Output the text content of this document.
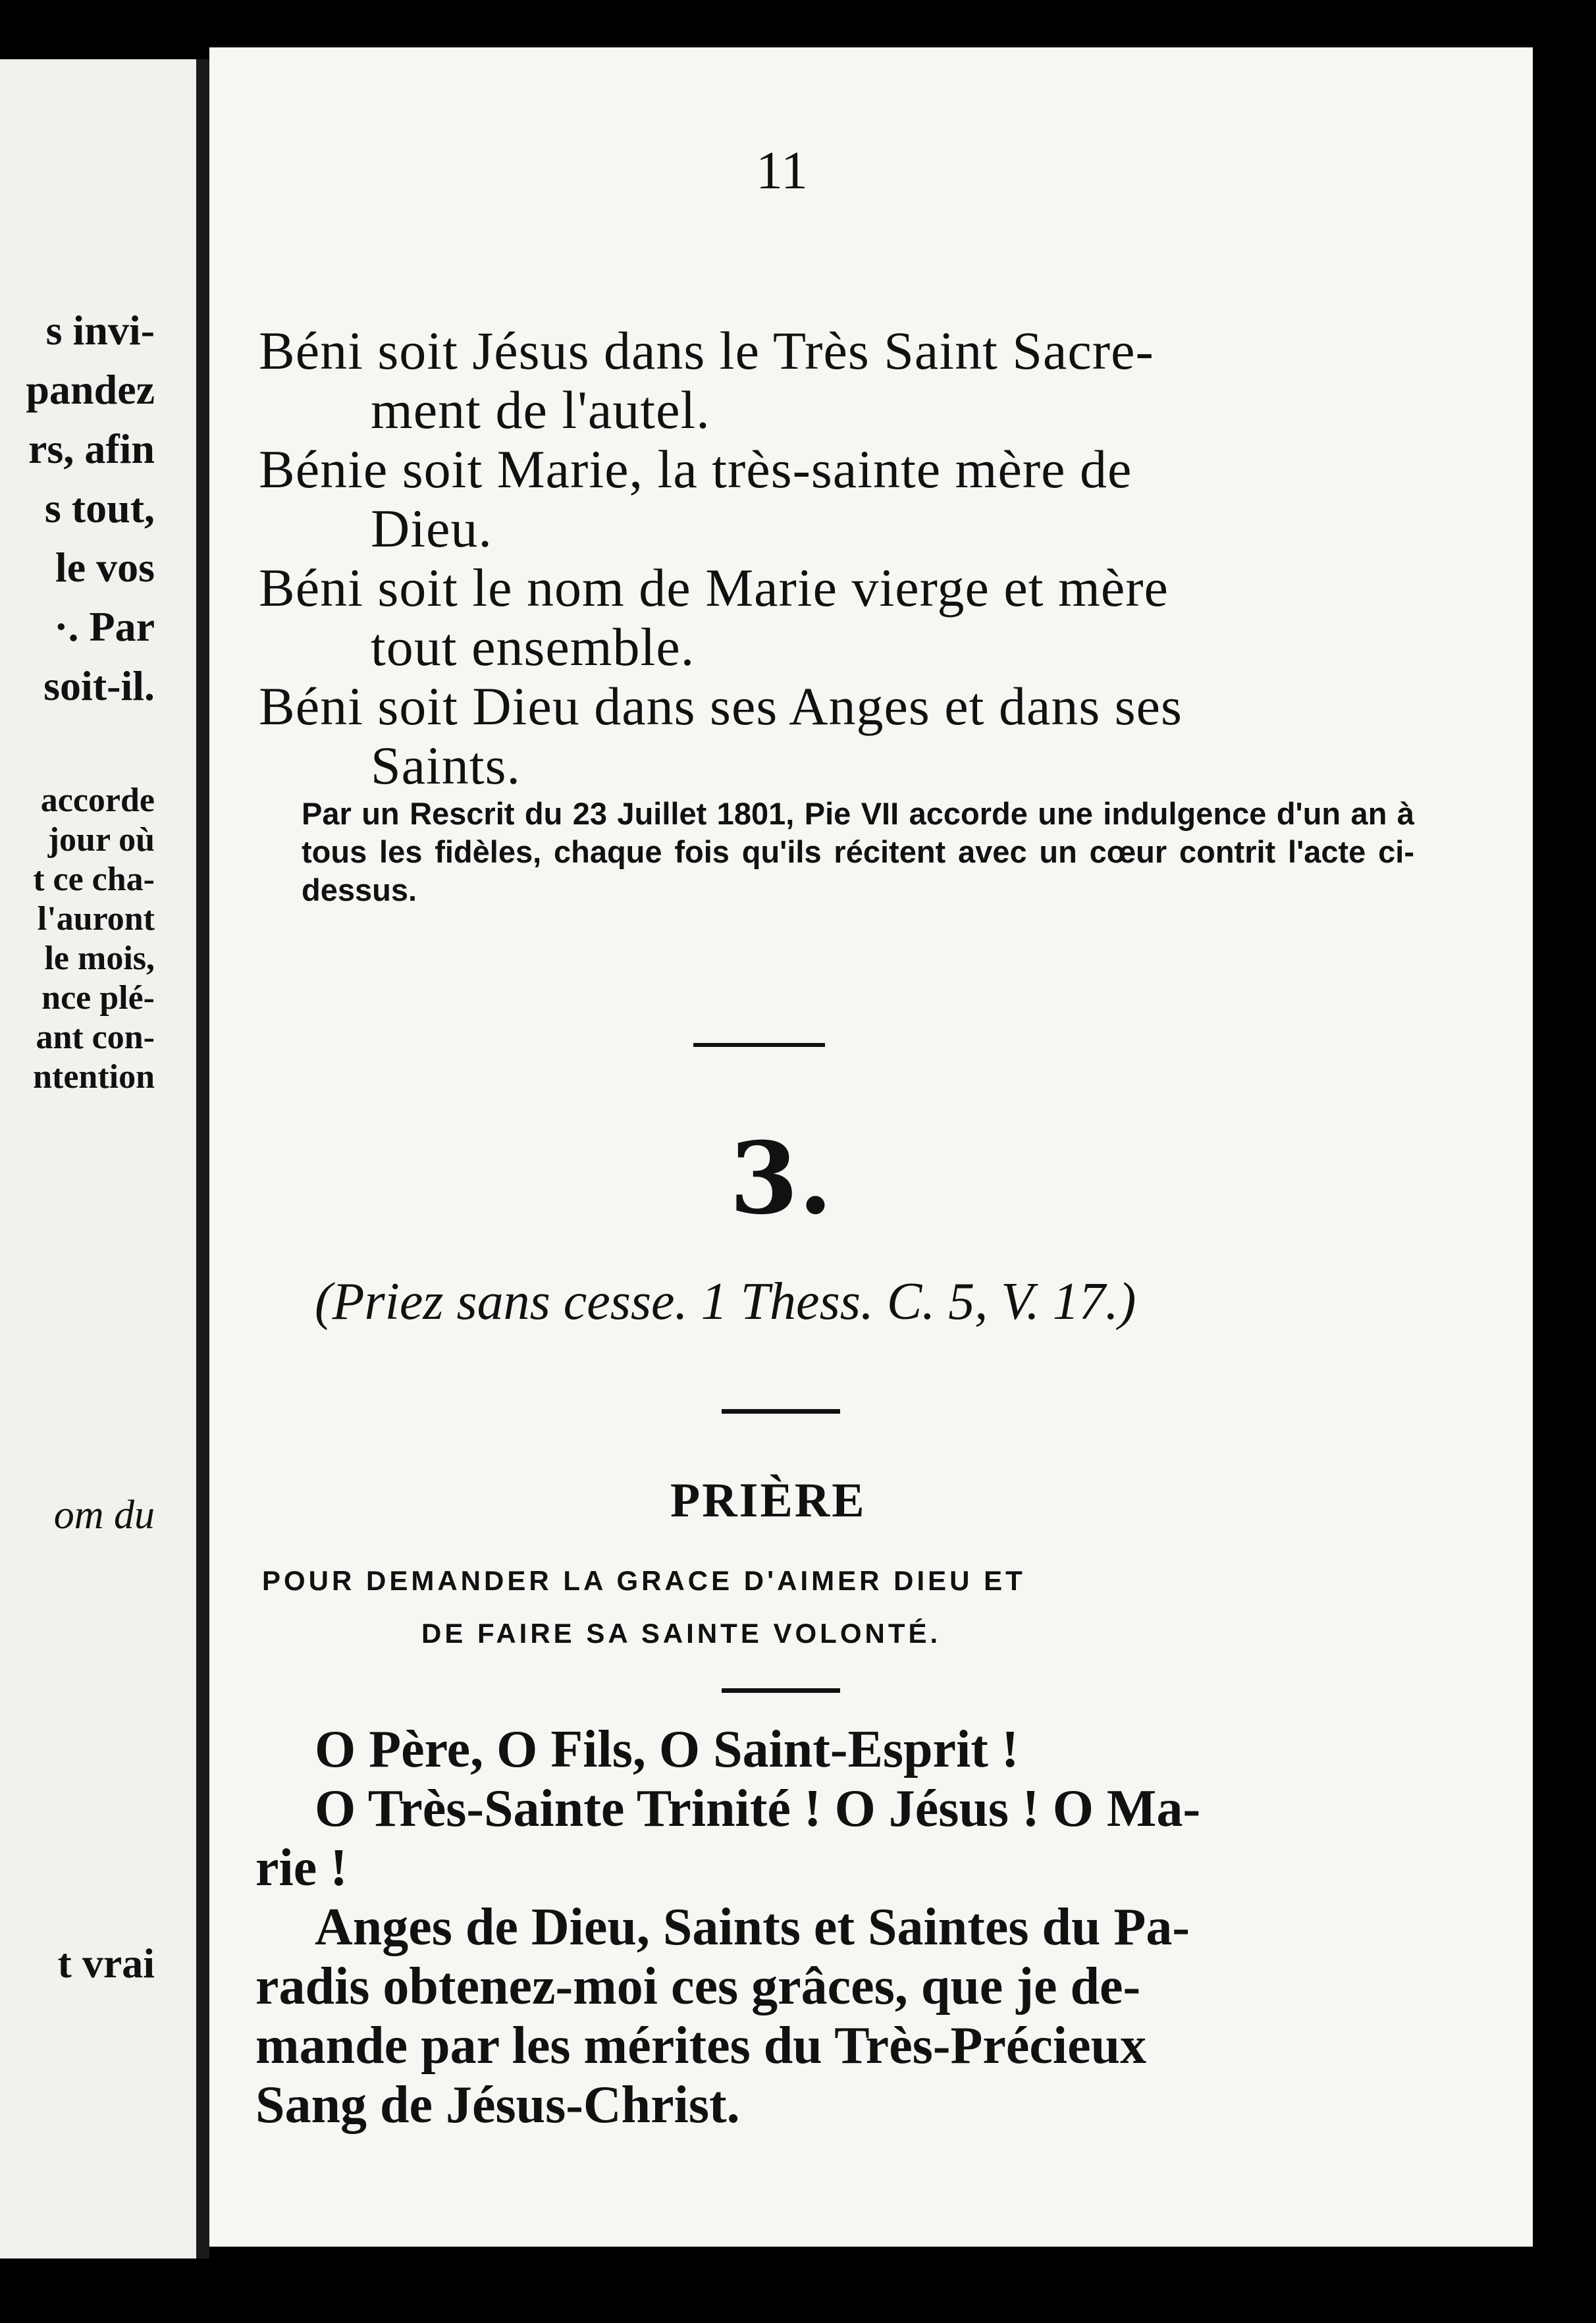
s invi-
pandez
rs, afin
s tout,
le vos
·. Par
soit-il.
accorde
jour où
t ce cha-
l'auront
le mois,
nce plé-
ant con-
ntention
om du
t vrai
11
Béni soit Jésus dans le Très Saint Sacre-
ment de l'autel.
Bénie soit Marie, la très-sainte mère de
Dieu.
Béni soit le nom de Marie vierge et mère
tout ensemble.
Béni soit Dieu dans ses Anges et dans ses
Saints.
Par un Rescrit du 23 Juillet 1801, Pie VII accorde une indulgence d'un an à tous les fidèles, chaque fois qu'ils récitent avec un cœur contrit l'acte ci-dessus.
3.
(Priez sans cesse. 1 Thess. C. 5, V. 17.)
PRIÈRE
POUR DEMANDER LA GRACE D'AIMER DIEU ET
DE FAIRE SA SAINTE VOLONTÉ.
O Père, O Fils, O Saint-Esprit !
O Très-Sainte Trinité ! O Jésus ! O Ma-
rie !
Anges de Dieu, Saints et Saintes du Pa-
radis obtenez-moi ces grâces, que je de-
mande par les mérites du Très-Précieux
Sang de Jésus-Christ.
